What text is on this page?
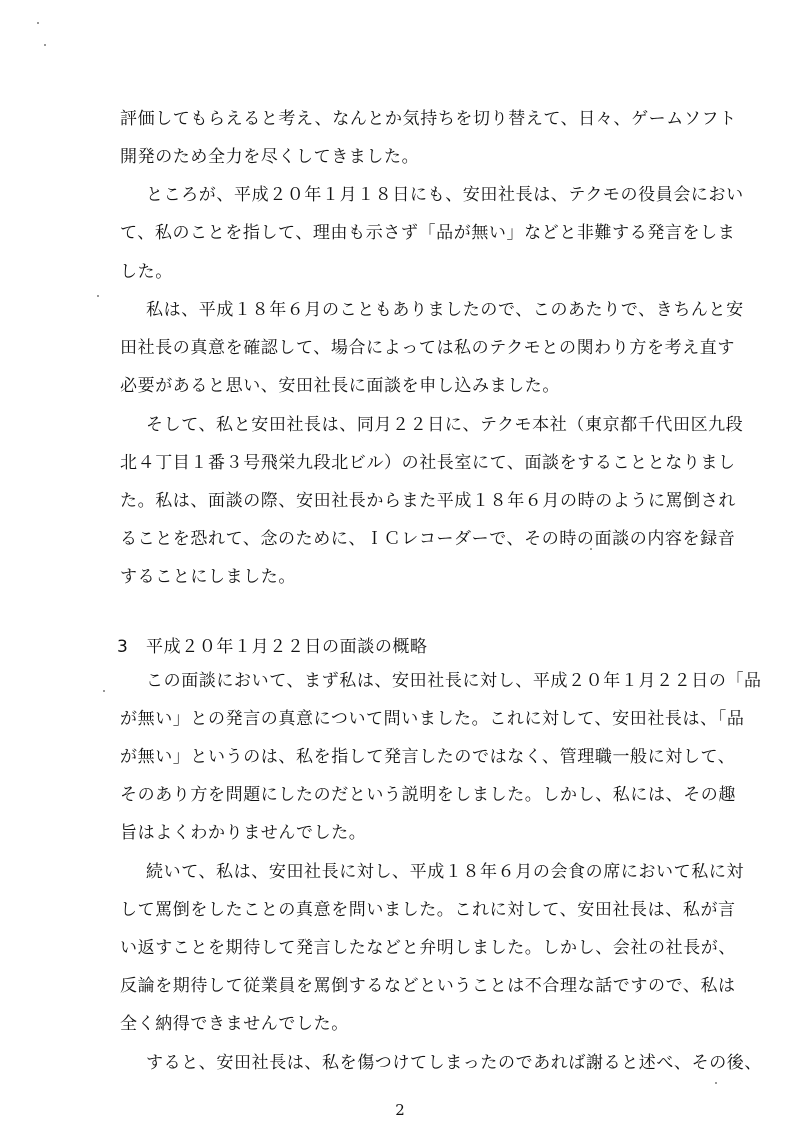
評価してもらえると考え、なんとか気持ちを切り替えて、日々、ゲームソフト
開発のため全力を尽くしてきました。
ところが、平成２０年１月１８日にも、安田社長は、テクモの役員会におい
て、私のことを指して、理由も示さず「品が無い」などと非難する発言をしま
した。
私は、平成１８年６月のこともありましたので、このあたりで、きちんと安
田社長の真意を確認して、場合によっては私のテクモとの関わり方を考え直す
必要があると思い、安田社長に面談を申し込みました。
そして、私と安田社長は、同月２２日に、テクモ本社（東京都千代田区九段
北４丁目１番３号飛栄九段北ビル）の社長室にて、面談をすることとなりまし
た。私は、面談の際、安田社長からまた平成１８年６月の時のように罵倒され
ることを恐れて、念のために、ＩＣレコーダーで、その時の面談の内容を録音
することにしました。
3　平成２０年１月２２日の面談の概略
この面談において、まず私は、安田社長に対し、平成２０年１月２２日の「品
が無い」との発言の真意について問いました。これに対して、安田社長は、「品
が無い」というのは、私を指して発言したのではなく、管理職一般に対して、
そのあり方を問題にしたのだという説明をしました。しかし、私には、その趣
旨はよくわかりませんでした。
続いて、私は、安田社長に対し、平成１８年６月の会食の席において私に対
して罵倒をしたことの真意を問いました。これに対して、安田社長は、私が言
い返すことを期待して発言したなどと弁明しました。しかし、会社の社長が、
反論を期待して従業員を罵倒するなどということは不合理な話ですので、私は
全く納得できませんでした。
すると、安田社長は、私を傷つけてしまったのであれば謝ると述べ、その後、
2
